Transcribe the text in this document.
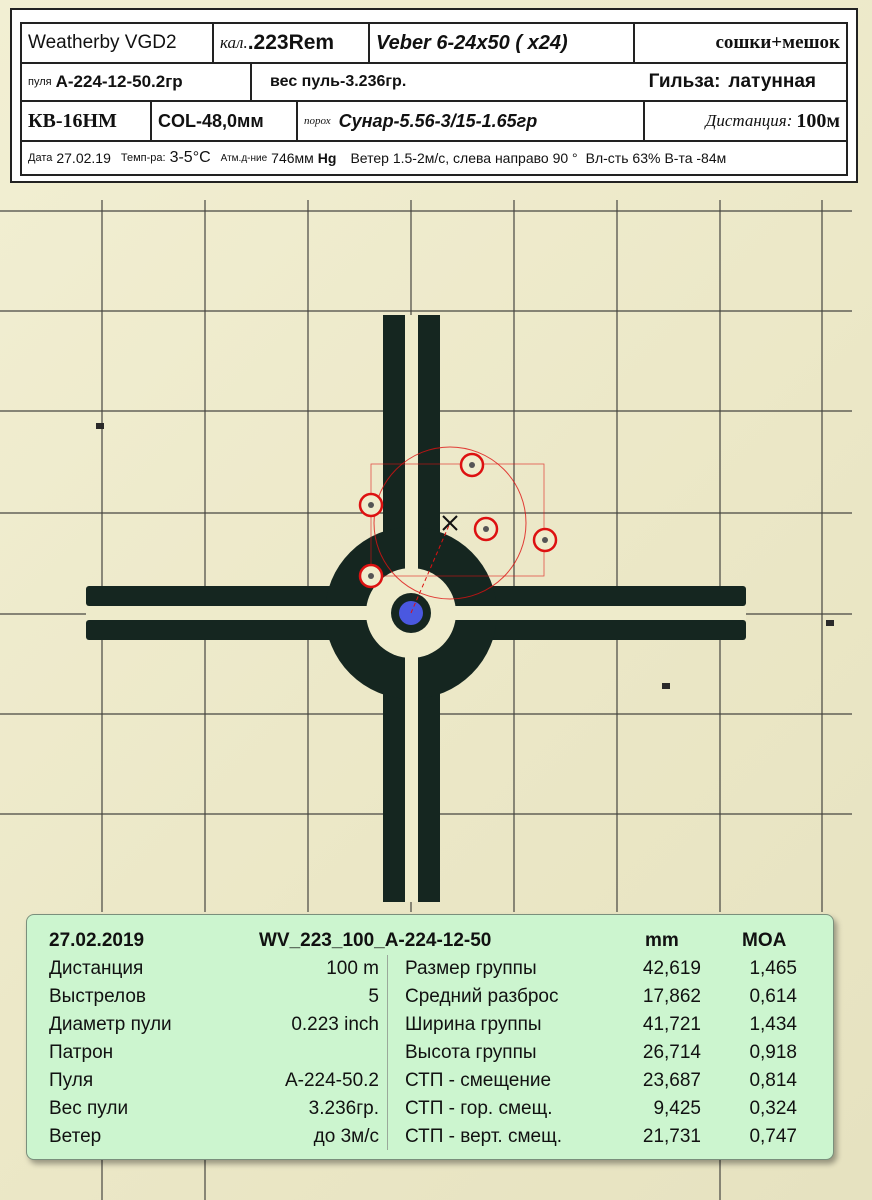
Weatherby VGD2	кал. .223Rem Veber 6-24x50 ( x24)	сошки+мешок
пуля A-224-12-50.2гр	вес пуль-3.236гр.	Гильза: латунная
КВ-16НМ COL-48,0мм	порох Сунар-5.56-3/15-1.65гр	Дистанция: 100м
Дата 27.02.19 Темп-ра: 3-5°C Атм.д-ние 746мм Hg Ветер 1.5-2м/с, слева направо 90 ° Вл-сть 63% В-та -84м
27.02.2019	WV_223_100_A-224-12-50	mm	MOA
Дистанция	100 m
Выстрелов	5
Диаметр пули	0.223 inch
Патрон
Пуля	A-224-50.2
Вес пули	3.236гр.
Ветер	до 3м/с
Размер группы	42,619	1,465
Средний разброс	17,862	0,614
Ширина группы	41,721	1,434
Высота группы	26,714	0,918
СТП - смещение	23,687	0,814
СТП - гор. смещ.	9,425	0,324
СТП - верт. смещ.	21,731	0,747
